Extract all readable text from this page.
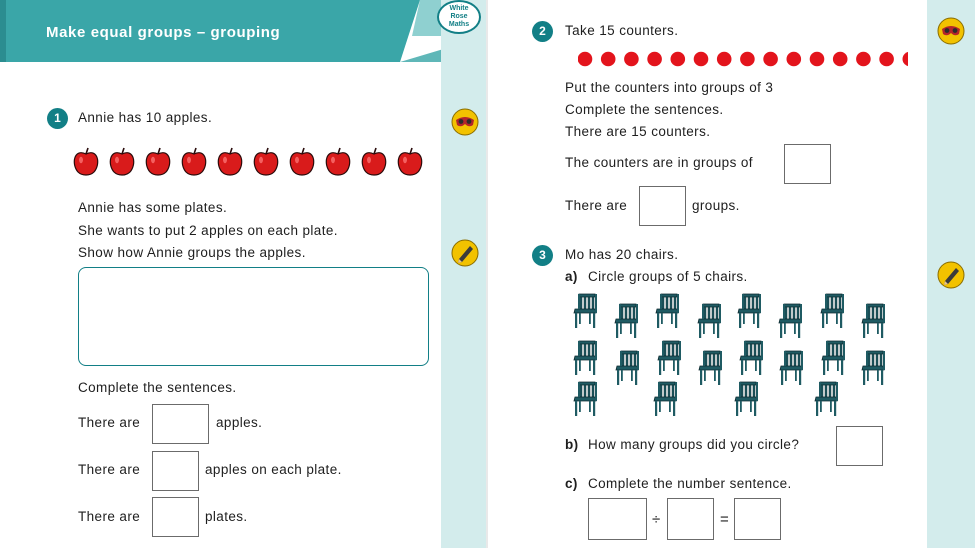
Make equal groups – grouping
1	Annie has 10 apples.
Annie has some plates.
She wants to put 2 apples on each plate.
Show how Annie groups the apples.
Complete the sentences.
There are	apples.
There are	apples on each plate.
There are	plates.
2	Take 15 counters.
Put the counters into groups of 3
Complete the sentences.
There are 15 counters.
The counters are in groups of
There are	groups.
3	Mo has 20 chairs.
a) Circle groups of 5 chairs.
b) How many groups did you circle?
c) Complete the number sentence.
÷	=
White
Rose
Maths
